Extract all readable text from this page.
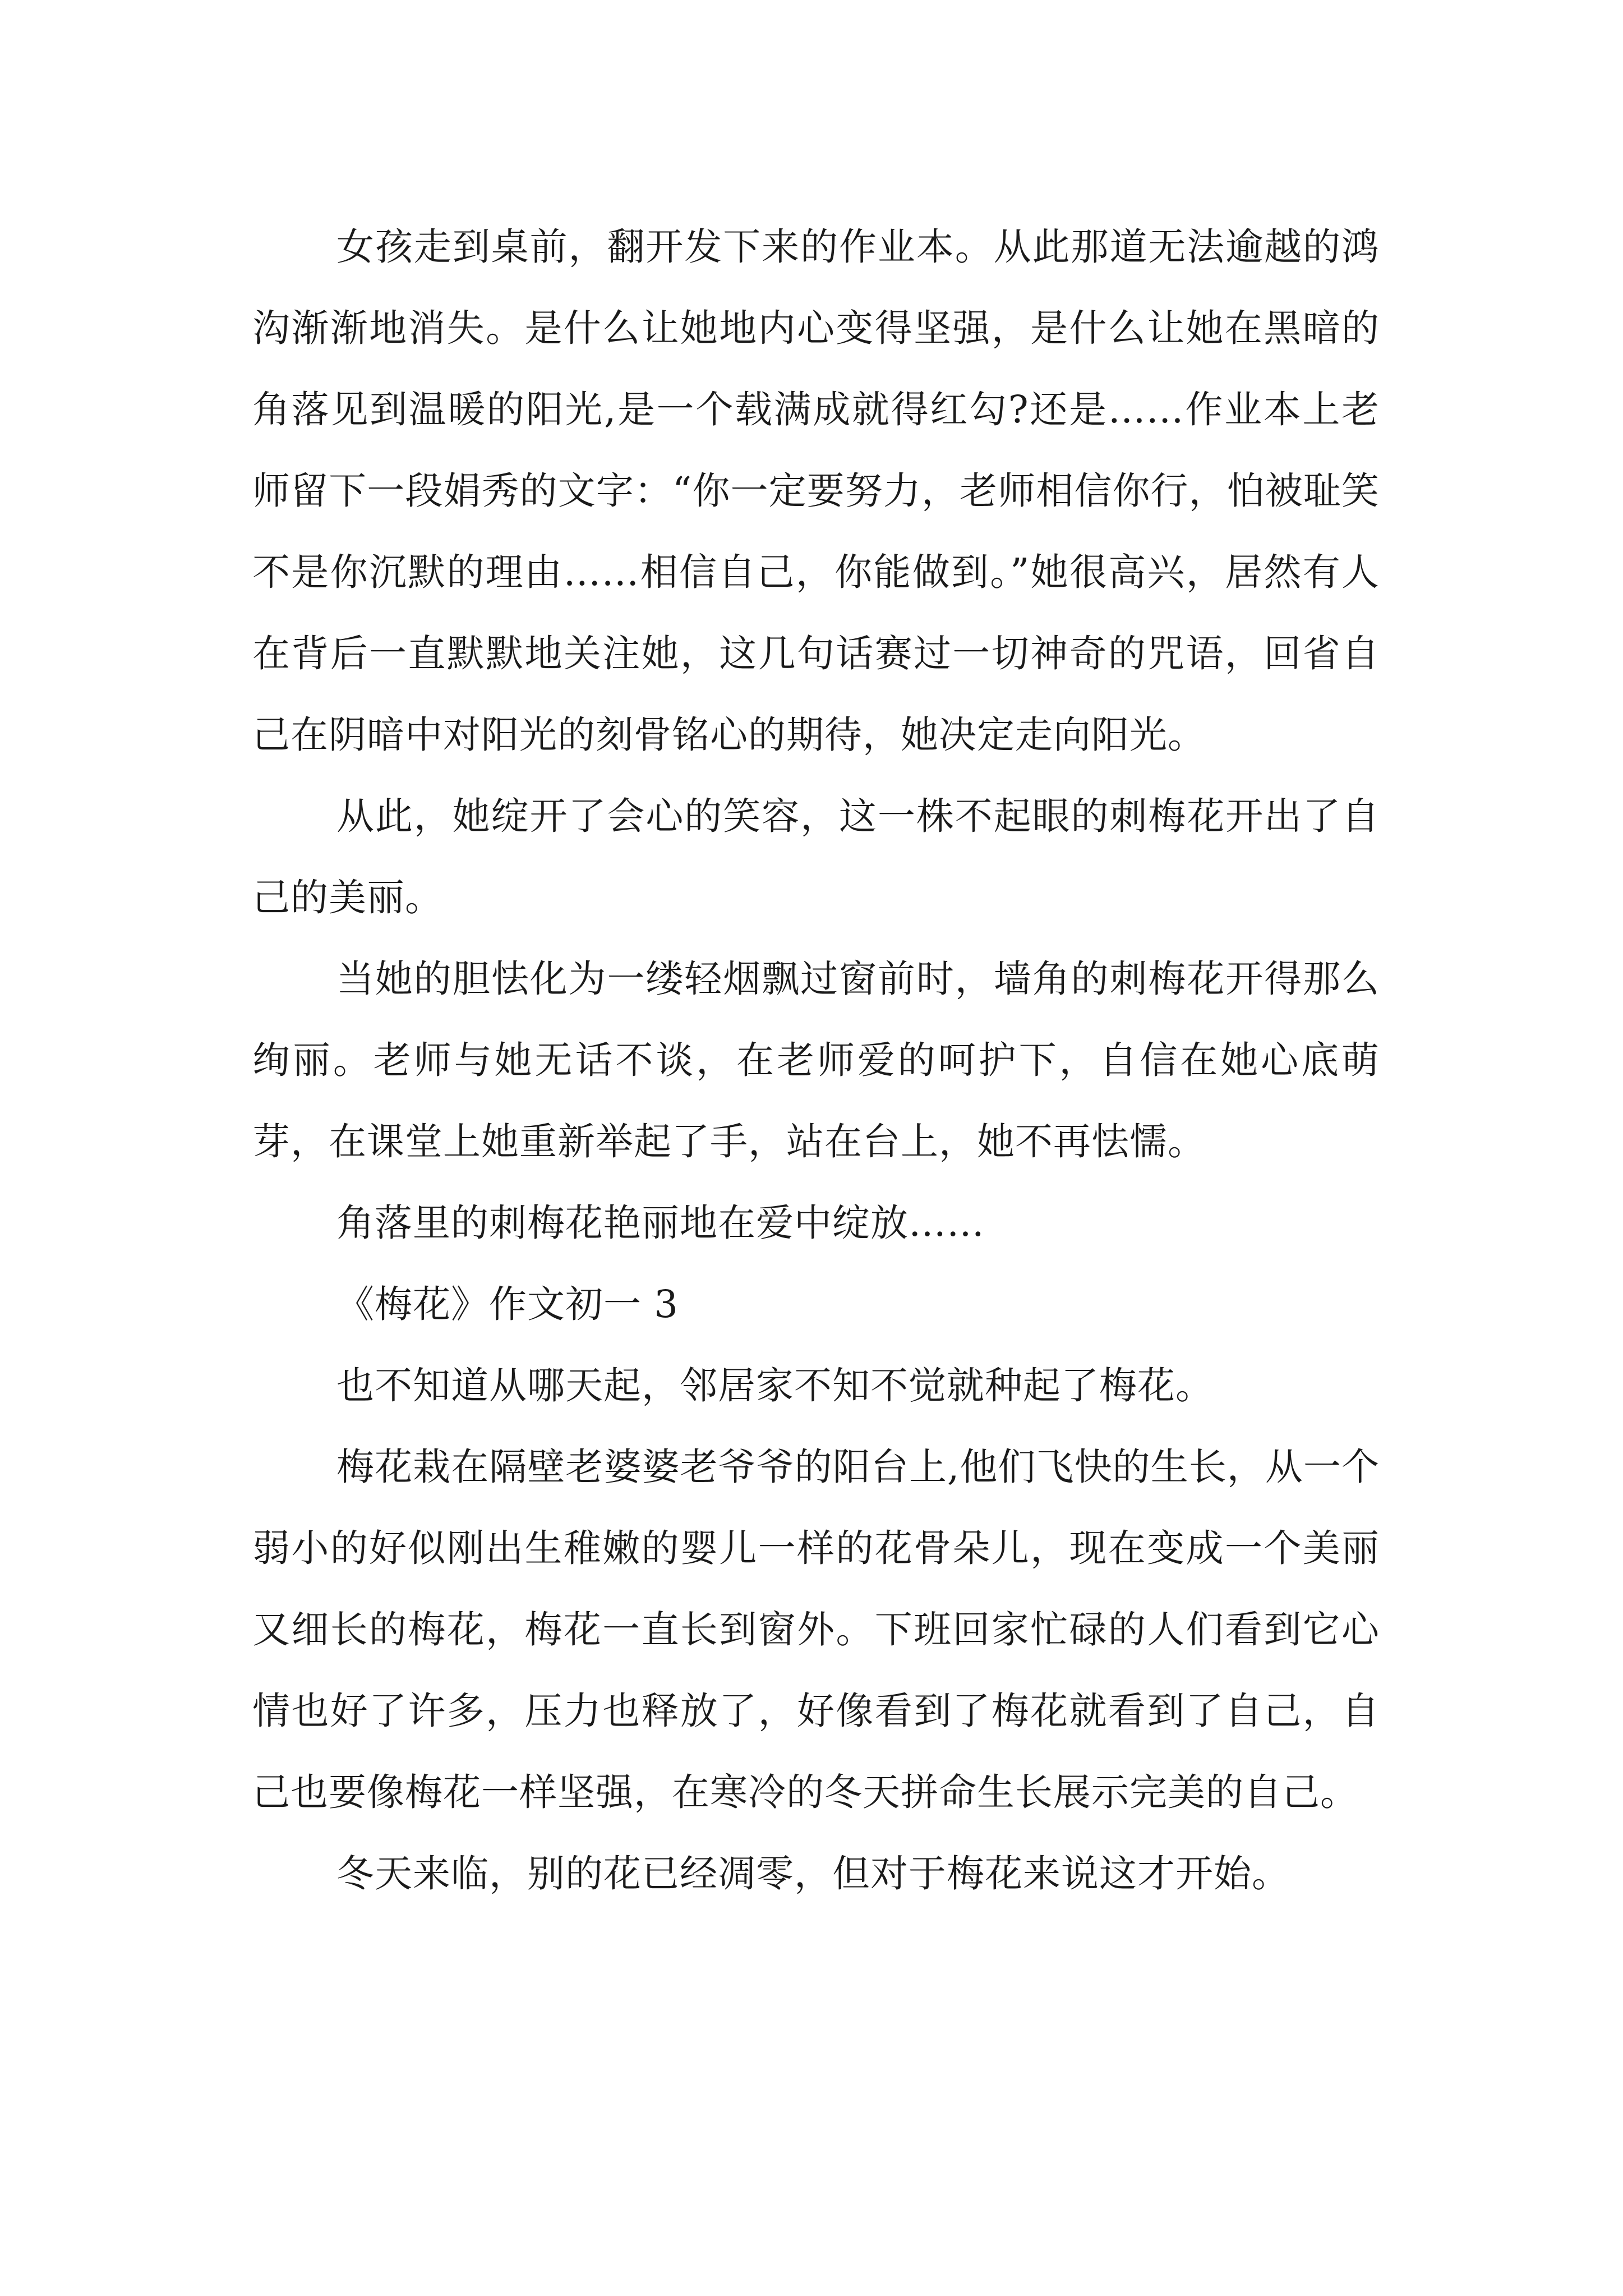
女孩走到桌前，翻开发下来的作业本。从此那道无法逾越的鸿沟渐渐地消失。是什么让她地内心变得坚强，是什么让她在黑暗的角落见到温暖的阳光,是一个载满成就得红勾?还是……作业本上老师留下一段娟秀的文字：“你一定要努力，老师相信你行，怕被耻笑不是你沉默的理由……相信自己，你能做到。”她很高兴，居然有人在背后一直默默地关注她，这几句话赛过一切神奇的咒语，回省自己在阴暗中对阳光的刻骨铭心的期待，她决定走向阳光。

从此，她绽开了会心的笑容，这一株不起眼的刺梅花开出了自己的美丽。

当她的胆怯化为一缕轻烟飘过窗前时，墙角的刺梅花开得那么绚丽。老师与她无话不谈，在老师爱的呵护下，自信在她心底萌芽，在课堂上她重新举起了手，站在台上，她不再怯懦。

角落里的刺梅花艳丽地在爱中绽放……

《梅花》作文初一 3

也不知道从哪天起，邻居家不知不觉就种起了梅花。

梅花栽在隔壁老婆婆老爷爷的阳台上,他们飞快的生长，从一个弱小的好似刚出生稚嫩的婴儿一样的花骨朵儿，现在变成一个美丽又细长的梅花，梅花一直长到窗外。下班回家忙碌的人们看到它心情也好了许多，压力也释放了，好像看到了梅花就看到了自己，自己也要像梅花一样坚强，在寒冷的冬天拼命生长展示完美的自己。

冬天来临，别的花已经凋零，但对于梅花来说这才开始。
